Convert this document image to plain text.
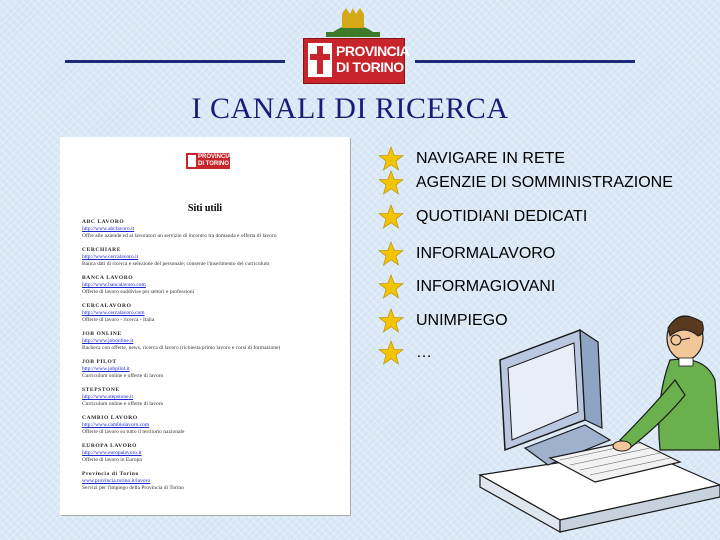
PROVINCIA
DI TORINO
I CANALI DI RICERCA
PROVINCIA DI TORINO
Siti utili
ABC LAVORO
http://www.abclavoro.it
Offre alle aziende ed ai lavoratori un servizio di incontro tra domanda e offerta di lavoro
CERCHIARE
http://www.cercalavoro.it
Banca dati di ricerca e selezione del personale; consente l'inserimento del curriculum
BANCA LAVORO
http://www.bancalavoro.com
Offerte di lavoro suddivise per settori e professioni
CERCALAVORO
http://www.cercalavoro.com
Offerte di lavoro - ricerca - Italia
JOB ONLINE
http://www.jobonline.it
Bacheca con offerte, news, ricerca di lavoro (richiesta primo lavoro e corsi di formazione)
JOB PILOT
http://www.jobpilot.it
Curriculum online e offerte di lavoro
STEPSTONE
http://www.stepstone.it
Curriculum online e offerte di lavoro
CAMBIO LAVORO
http://www.cambiolavoro.com
Offerte di lavoro su tutto il territorio nazionale
EUROPA LAVORO
http://www.europalavoro.it
Offerte di lavoro in Europa
Provincia di Torino
www.provincia.torino.it/lavoro
Servizi per l'impiego della Provincia di Torino
NAVIGARE IN RETE
AGENZIE DI SOMMINISTRAZIONE
QUOTIDIANI DEDICATI
INFORMALAVORO
INFORMAGIOVANI
UNIMPIEGO
…
